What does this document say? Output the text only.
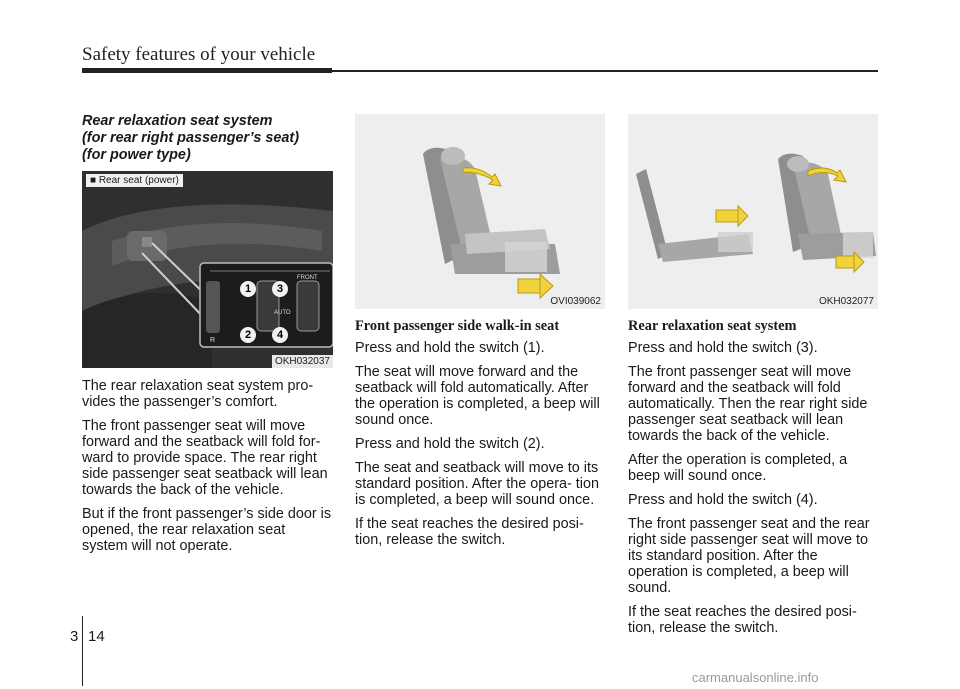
Safety features of your vehicle
Rear relaxation seat system
(for rear right passenger’s seat)
(for power type)
■ Rear seat (power)
FRONT
AUTO
R
1
2
3
4
OKH032037
OVI039062	OKH032077

The rear relaxation seat system pro- vides the passenger’s comfort.

The front passenger seat will move forward and the seatback will fold for- ward to provide space. The rear right side passenger seat seatback will lean towards the back of the vehicle.

But if the front passenger’s side door is opened, the rear relaxation seat system will not operate.

Front passenger side walk-in seat

Press and hold the switch (1).

The seat will move forward and the seatback will fold automatically. After the operation is completed, a beep will sound once.

Press and hold the switch (2).

The seat and seatback will move to its standard position. After the opera- tion is completed, a beep will sound once.

If the seat reaches the desired posi- tion, release the switch.

Rear relaxation seat system

Press and hold the switch (3).

The front passenger seat will move forward and the seatback will fold automatically. Then the rear right side passenger seat seatback will lean towards the back of the vehicle.

After the operation is completed, a beep will sound once.

Press and hold the switch (4).

The front passenger seat and the rear right side passenger seat will move to its standard position. After the operation is completed, a beep will sound.

If the seat reaches the desired posi- tion, release the switch.

3 14
carmanualsonline.info
